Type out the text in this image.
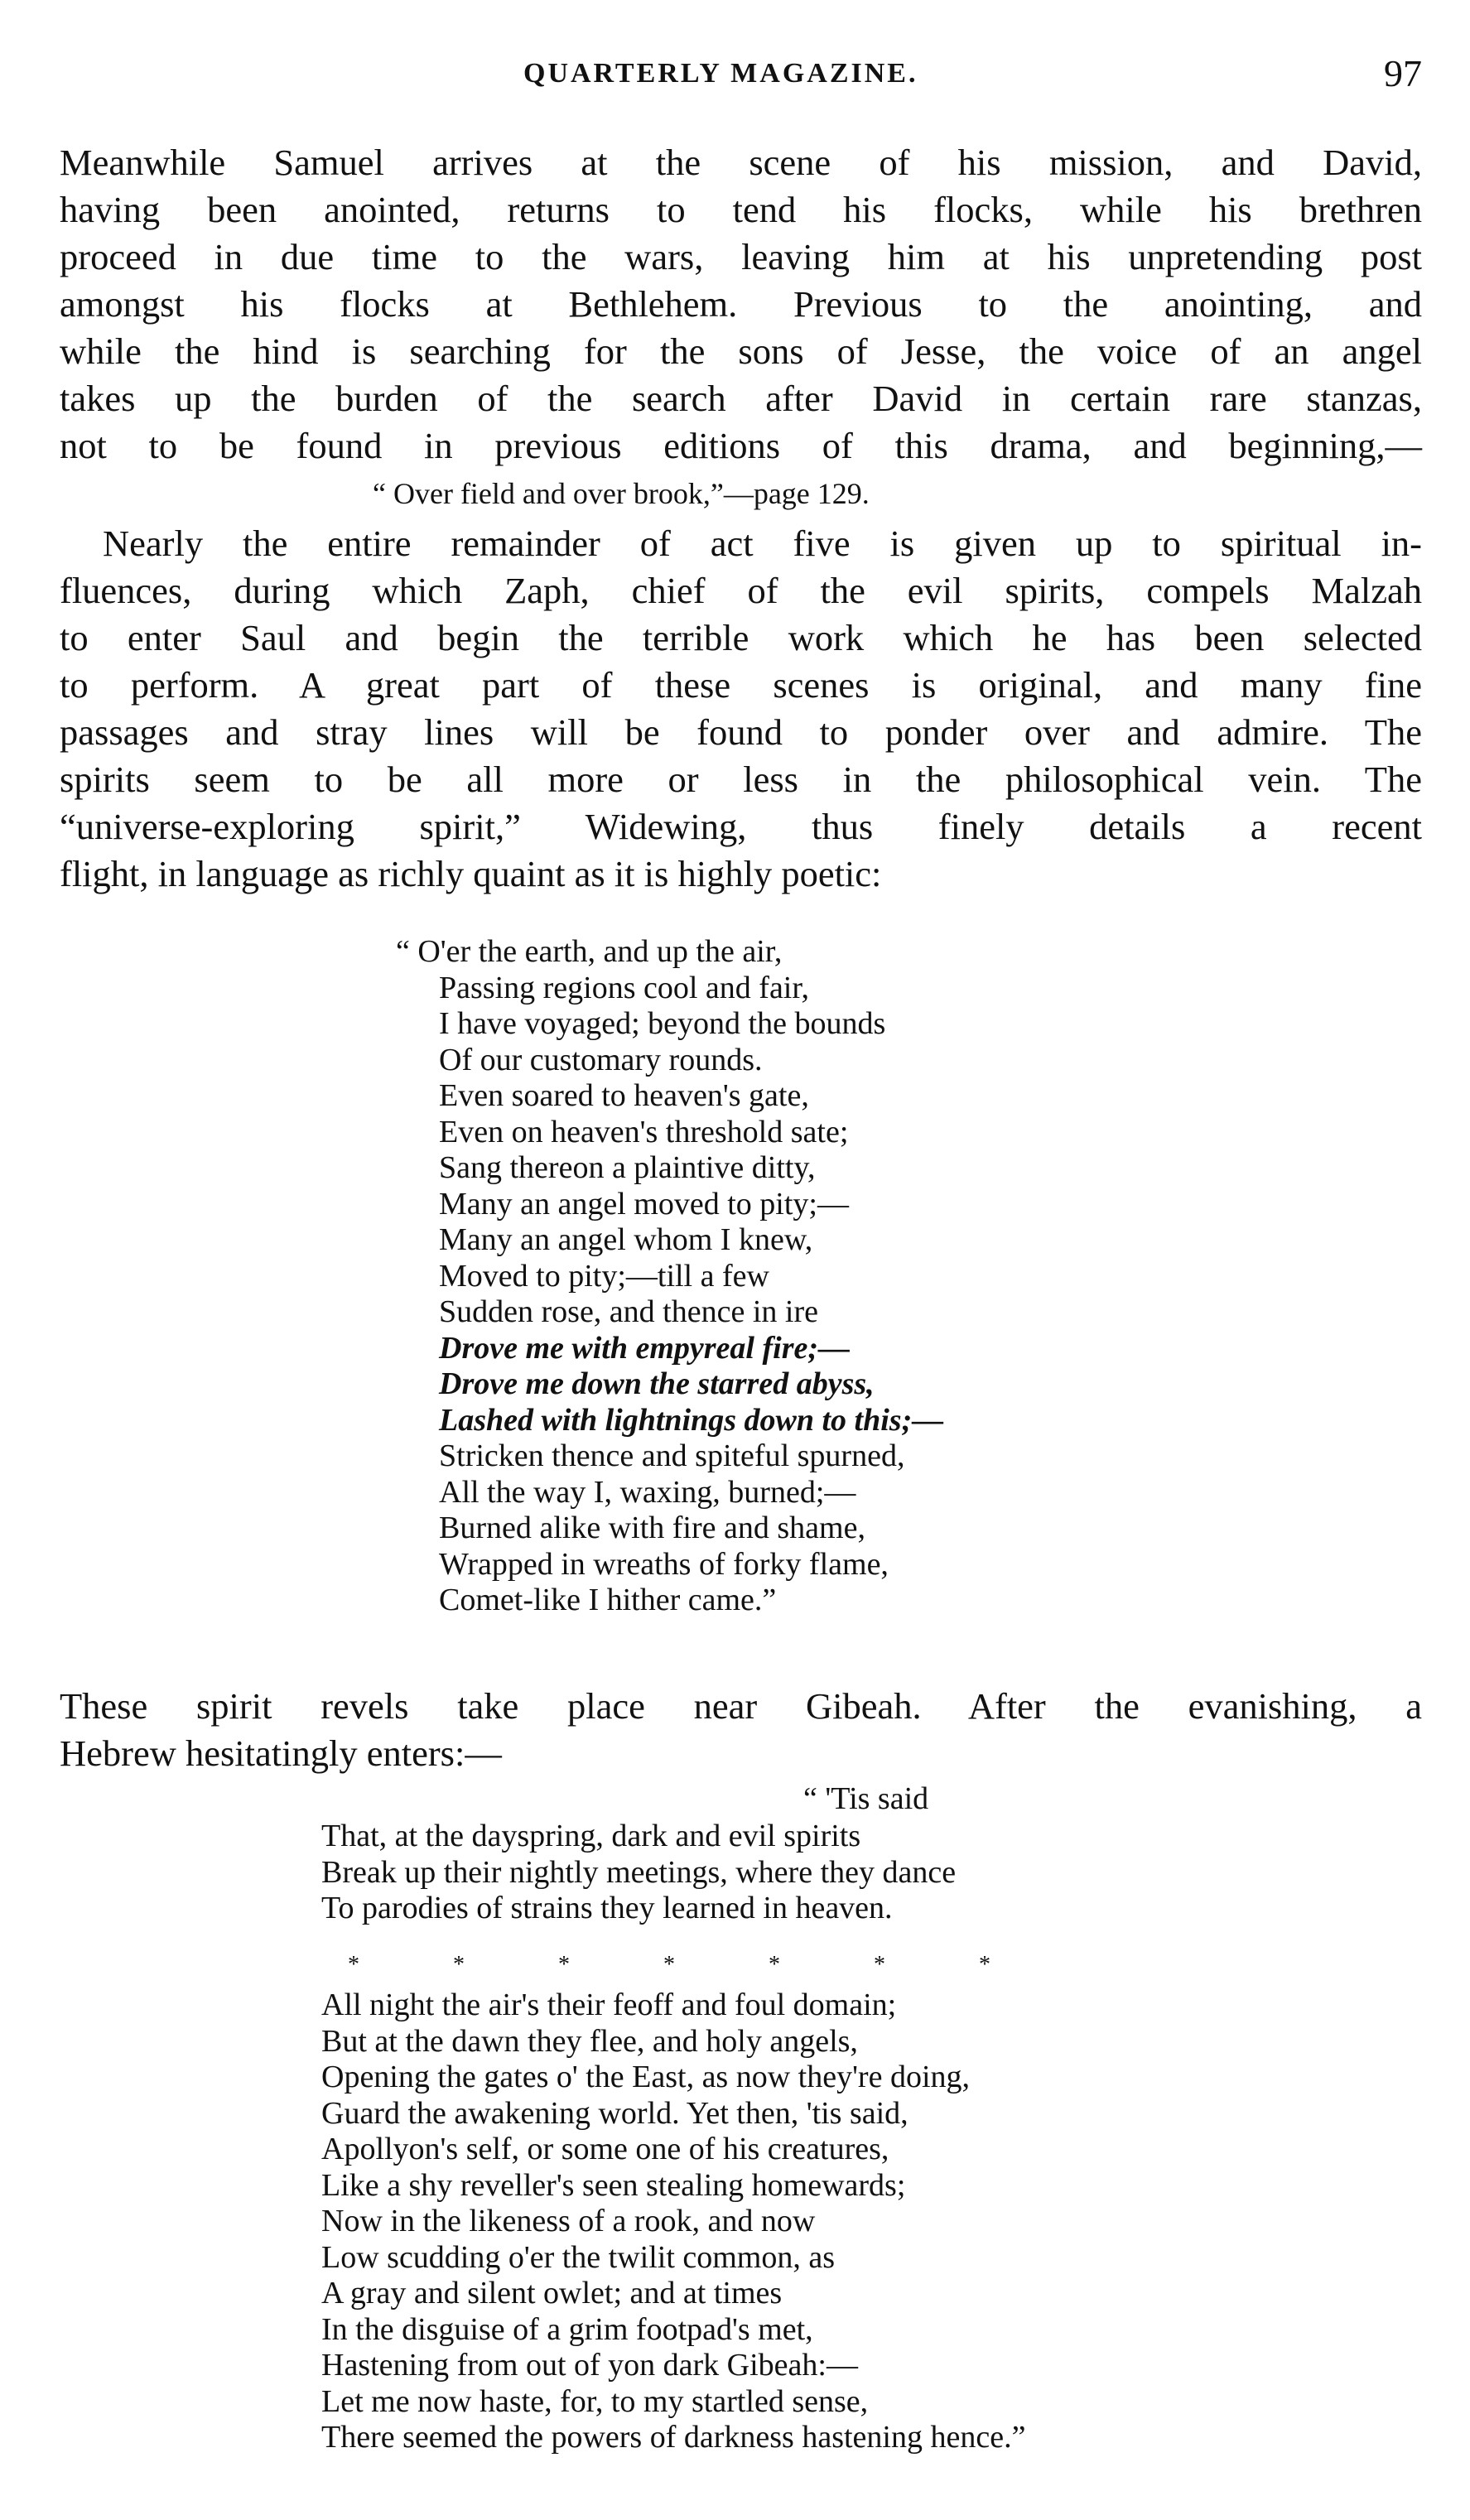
QUARTERLY MAGAZINE.	97
Meanwhile Samuel arrives at the scene of his mission, and David,
having been anointed, returns to tend his flocks, while his brethren
proceed in due time to the wars, leaving him at his unpretending post
amongst his flocks at Bethlehem. Previous to the anointing, and
while the hind is searching for the sons of Jesse, the voice of an angel
takes up the burden of the search after David in certain rare stanzas,
not to be found in previous editions of this drama, and beginning,—
“ Over field and over brook,”—page 129.
Nearly the entire remainder of act five is given up to spiritual in-
fluences, during which Zaph, chief of the evil spirits, compels Malzah
to enter Saul and begin the terrible work which he has been selected
to perform. A great part of these scenes is original, and many fine
passages and stray lines will be found to ponder over and admire. The
spirits seem to be all more or less in the philosophical vein. The
“universe-exploring spirit,” Widewing, thus finely details a recent
flight, in language as richly quaint as it is highly poetic:
“ O'er the earth, and up the air,
Passing regions cool and fair,
I have voyaged; beyond the bounds
Of our customary rounds.
Even soared to heaven's gate,
Even on heaven's threshold sate;
Sang thereon a plaintive ditty,
Many an angel moved to pity;—
Many an angel whom I knew,
Moved to pity;—till a few
Sudden rose, and thence in ire
Drove me with empyreal fire;—
Drove me down the starred abyss,
Lashed with lightnings down to this;—
Stricken thence and spiteful spurned,
All the way I, waxing, burned;—
Burned alike with fire and shame,
Wrapped in wreaths of forky flame,
Comet-like I hither came.”
These spirit revels take place near Gibeah. After the evanishing, a
Hebrew hesitatingly enters:—
“ 'Tis said
That, at the dayspring, dark and evil spirits
Break up their nightly meetings, where they dance
To parodies of strains they learned in heaven.
*	*	*	*	*	*	*
All night the air's their feoff and foul domain;
But at the dawn they flee, and holy angels,
Opening the gates o' the East, as now they're doing,
Guard the awakening world. Yet then, 'tis said,
Apollyon's self, or some one of his creatures,
Like a shy reveller's seen stealing homewards;
Now in the likeness of a rook, and now
Low scudding o'er the twilit common, as
A gray and silent owlet; and at times
In the disguise of a grim footpad's met,
Hastening from out of yon dark Gibeah:—
Let me now haste, for, to my startled sense,
There seemed the powers of darkness hastening hence.”
